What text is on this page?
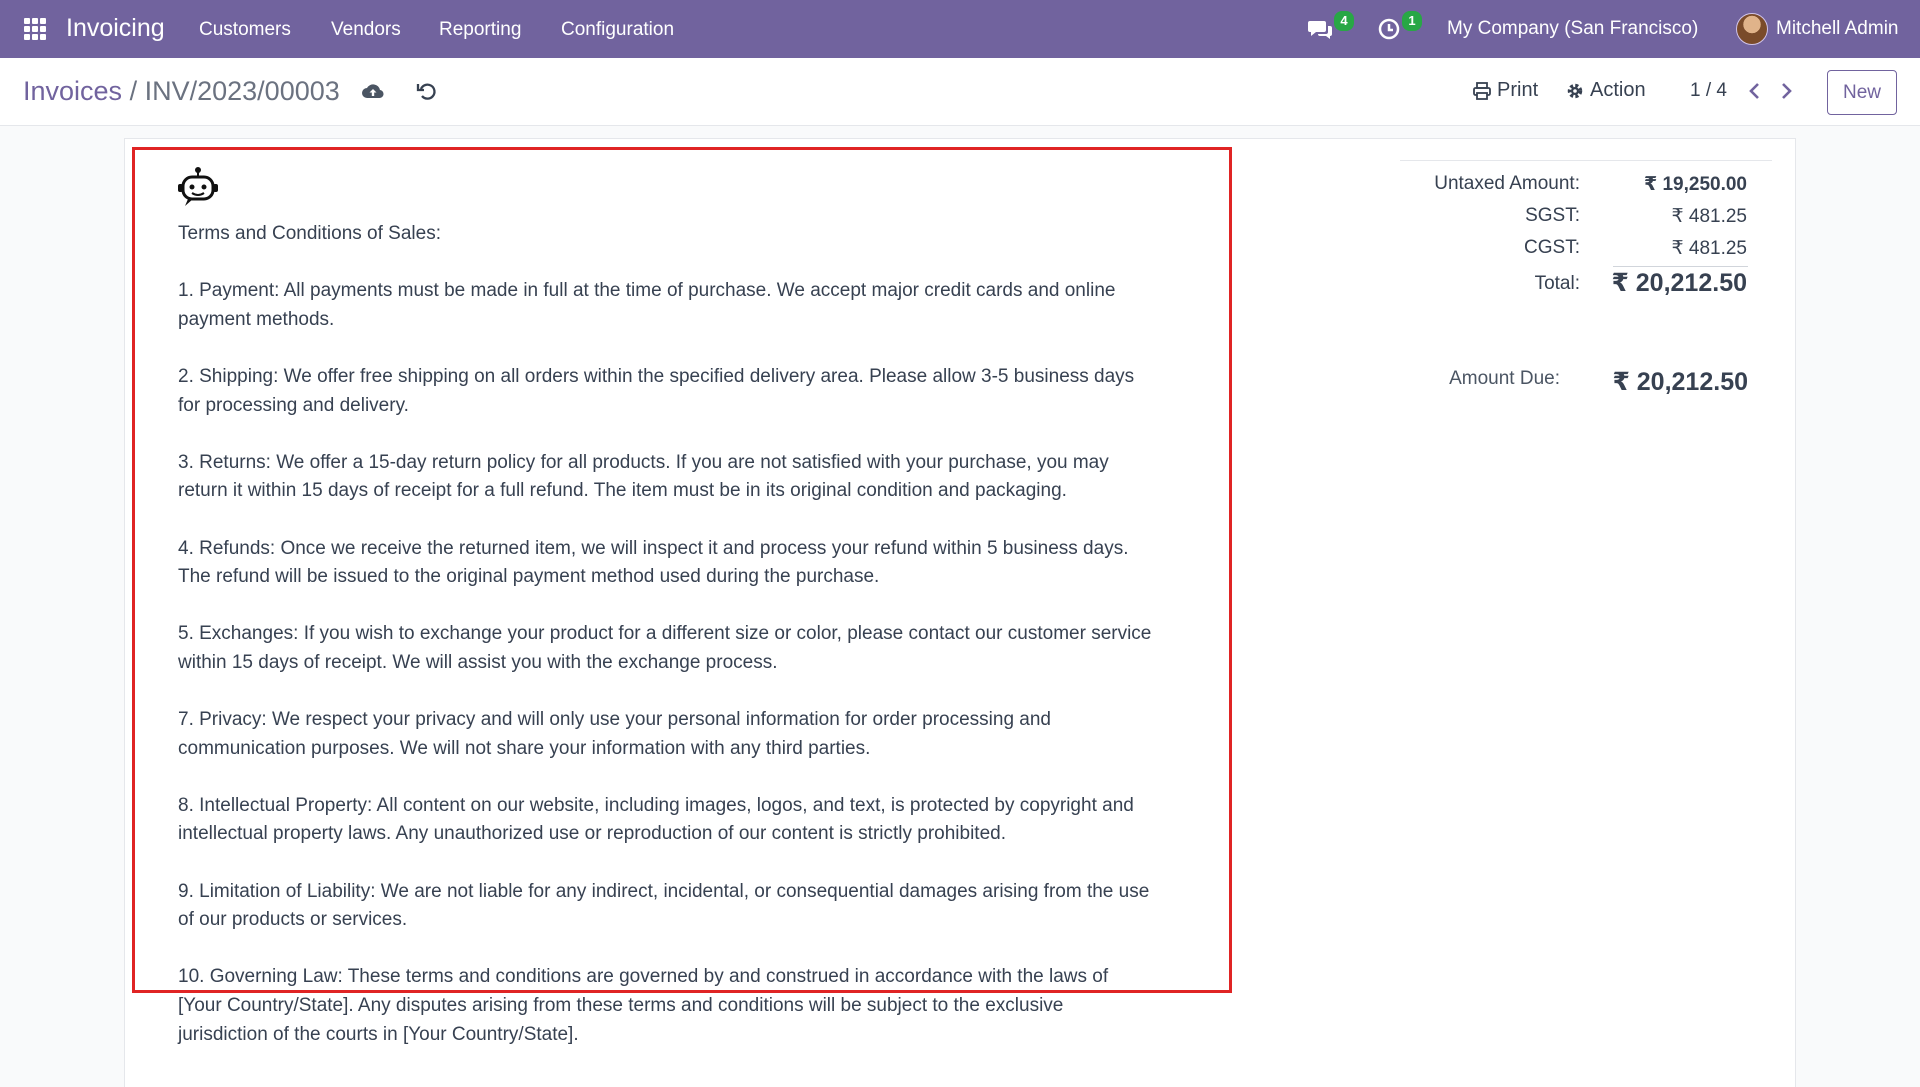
Invoicing Customers Vendors Reporting Configuration	4	1	My Company (San Francisco)	Mitchell Admin
Invoices / INV/2023/00003	Print	Action 1 / 4	New

Terms and Conditions of Sales:

1. Payment: All payments must be made in full at the time of purchase. We accept major credit cards and online payment methods.

2. Shipping: We offer free shipping on all orders within the specified delivery area. Please allow 3-5 business days for processing and delivery.

3. Returns: We offer a 15-day return policy for all products. If you are not satisfied with your purchase, you may return it within 15 days of receipt for a full refund. The item must be in its original condition and packaging.

4. Refunds: Once we receive the returned item, we will inspect it and process your refund within 5 business days. The refund will be issued to the original payment method used during the purchase.

5. Exchanges: If you wish to exchange your product for a different size or color, please contact our customer service within 15 days of receipt. We will assist you with the exchange process.

7. Privacy: We respect your privacy and will only use your personal information for order processing and communication purposes. We will not share your information with any third parties.

8. Intellectual Property: All content on our website, including images, logos, and text, is protected by copyright and intellectual property laws. Any unauthorized use or reproduction of our content is strictly prohibited.

9. Limitation of Liability: We are not liable for any indirect, incidental, or consequential damages arising from the use of our products or services.

10. Governing Law: These terms and conditions are governed by and construed in accordance with the laws of [Your Country/State]. Any disputes arising from these terms and conditions will be subject to the exclusive jurisdiction of the courts in [Your Country/State].

Untaxed Amount:	₹ 19,250.00
SGST:	₹ 481.25
CGST:	₹ 481.25
Total:	₹ 20,212.50
Amount Due:	₹ 20,212.50
